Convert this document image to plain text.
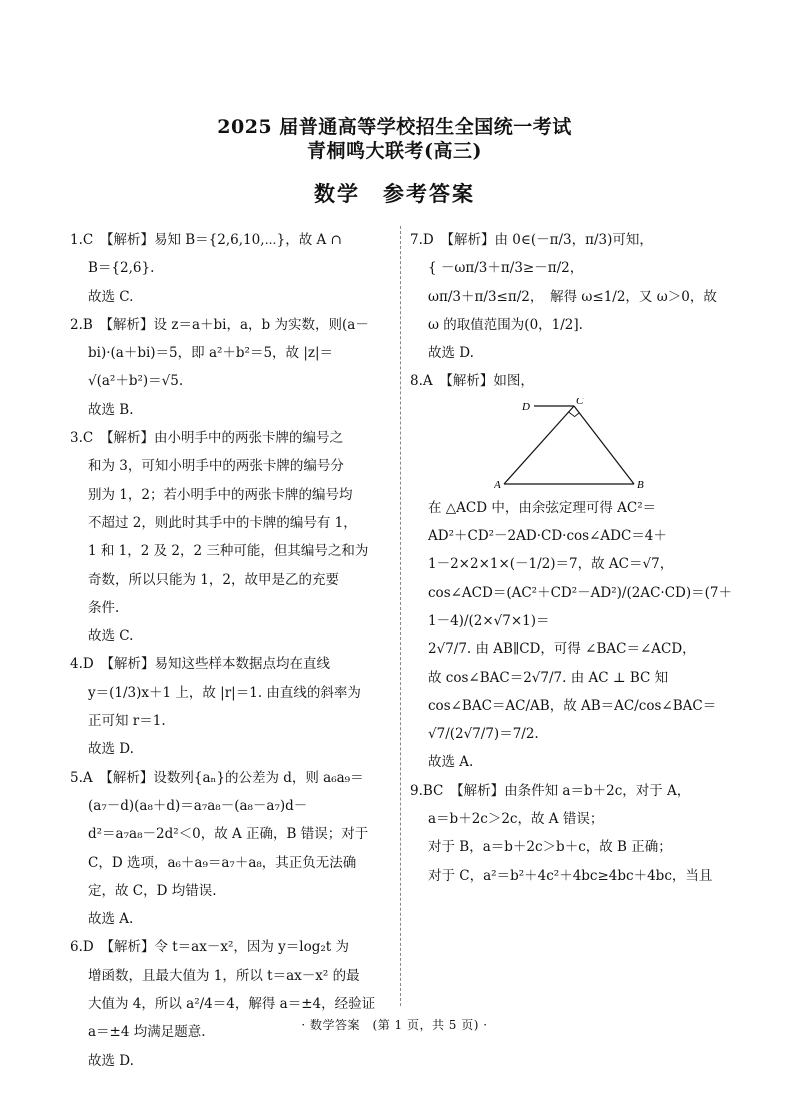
2025 届普通高等学校招生全国统一考试
青桐鸣大联考(高三)
数学　参考答案

1.C　【解析】易知 B＝{2,6,10,⋯}，故 A ∩

B＝{2,6}.

故选 C.

2.B　【解析】设 z＝a＋bi，a，b 为实数，则(a－

bi)·(a＋bi)＝5，即 a²＋b²＝5，故 |z|＝

√(a²＋b²)＝√5.

故选 B.

3.C　【解析】由小明手中的两张卡牌的编号之

和为 3，可知小明手中的两张卡牌的编号分

别为 1，2；若小明手中的两张卡牌的编号均

不超过 2，则此时其手中的卡牌的编号有 1，

1 和 1，2 及 2，2 三种可能，但其编号之和为

奇数，所以只能为 1，2，故甲是乙的充要

条件.

故选 C.

4.D　【解析】易知这些样本数据点均在直线

y＝(1/3)x＋1 上，故 |r|＝1. 由直线的斜率为

正可知 r＝1.

故选 D.

5.A　【解析】设数列{aₙ}的公差为 d，则 a₆a₉＝

(a₇－d)(a₈＋d)＝a₇a₈－(a₈－a₇)d－

d²＝a₇a₈－2d²＜0，故 A 正确，B 错误；对于

C，D 选项，a₆＋a₉＝a₇＋a₈，其正负无法确

定，故 C，D 均错误.

故选 A.

6.D　【解析】令 t＝ax－x²，因为 y＝log₂t 为

增函数，且最大值为 1，所以 t＝ax－x² 的最

大值为 4，所以 a²/4＝4，解得 a＝±4，经验证

a＝±4 均满足题意.

故选 D.

7.D　【解析】由 0∈(－π/3，π/3)可知，

{ －ωπ/3＋π/3≥－π/2，

ωπ/3＋π/3≤π/2，　解得 ω≤1/2，又 ω＞0，故

ω 的取值范围为(0，1/2].

故选 D.

8.A　【解析】如图，

D	C
A	B

在 △ACD 中，由余弦定理可得 AC²＝

AD²＋CD²－2AD·CD·cos∠ADC＝4＋

1－2×2×1×(－1/2)＝7，故 AC＝√7，

cos∠ACD＝(AC²＋CD²－AD²)/(2AC·CD)＝(7＋1－4)/(2×√7×1)＝

2√7/7. 由 AB∥CD，可得 ∠BAC＝∠ACD，

故 cos∠BAC＝2√7/7. 由 AC ⊥ BC 知

cos∠BAC＝AC/AB，故 AB＝AC/cos∠BAC＝

√7/(2√7/7)＝7/2.

故选 A.

9.BC　【解析】由条件知 a＝b＋2c，对于 A，

a＝b＋2c＞2c，故 A 错误；

对于 B，a＝b＋2c＞b＋c，故 B 正确；

对于 C，a²＝b²＋4c²＋4bc≥4bc＋4bc，当且

· 数学答案　(第 1 页，共 5 页) ·
